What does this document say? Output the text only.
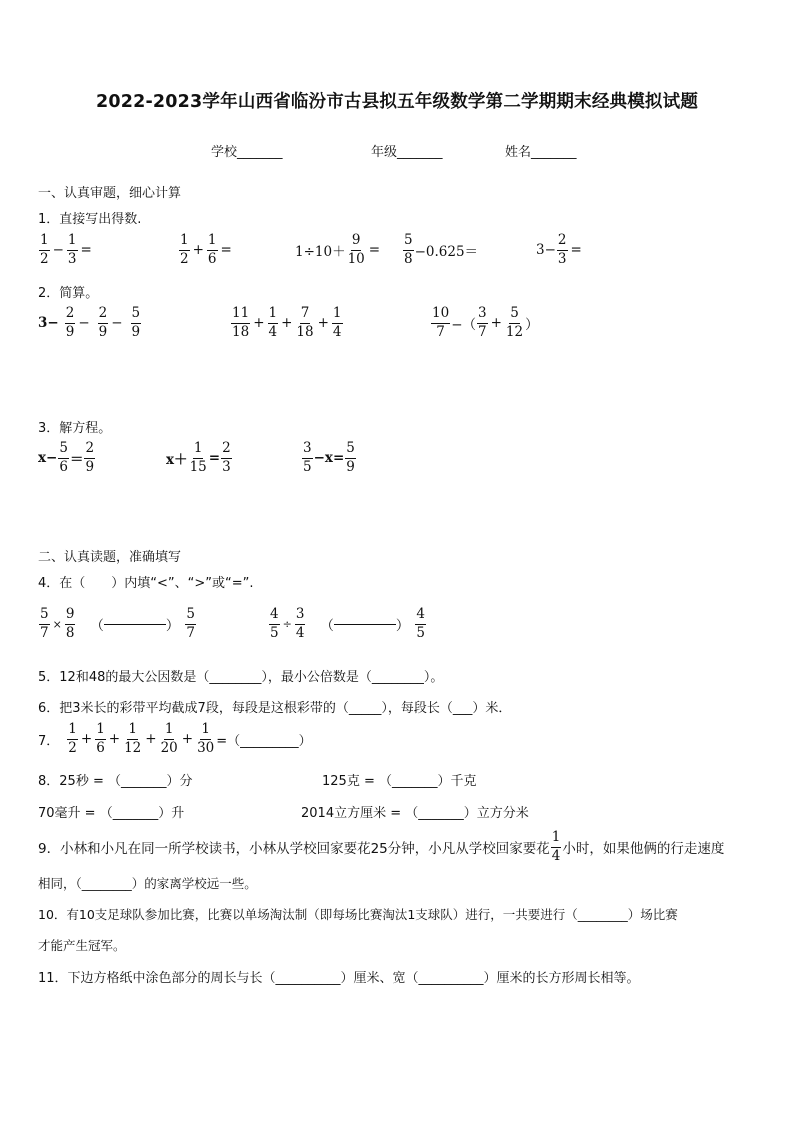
2022-2023学年山西省临汾市古县拟五年级数学第二学期期末经典模拟试题
学校_______	年级_______	姓名_______
一、认真审题，细心计算
1．直接写出得数.
$\frac{1}{2} - \frac{1}{3}$ =	$\frac{1}{2} + \frac{1}{6}$ =	$1\div 10+ \frac{9}{10} = \frac{5}{8} -0.625=$	$3- \frac{2}{3}$ =
2．简算。
$3- \frac{2}{9} - \frac{2}{9} - \frac{5}{9}$	$\frac{11}{18} + \frac{1}{4} + \frac{7}{18} + \frac{1}{4}$	$\frac{10}{7}$ −（ $\frac{3}{7} + \frac{5}{12}$ ）
3．解方程。
$x- \frac{5}{6} = \frac{2}{9}$	$x+ \frac{1}{15} = \frac{2}{3}$	$\frac{3}{5} -x= \frac{5}{9}$
二、认真读题，准确填写
4．在（　　）内填“<”、“>”或“=”.
$\frac{5}{7} \times \frac{9}{8}$ （	） $\frac{5}{7}$	$\frac{4}{5} \div \frac{3}{4}$ （	） $\frac{4}{5}$
5．12和48的最大公因数是（________），最小公倍数是（________）。
6．把3米长的彩带平均截成7段，每段是这根彩带的（_____），每段长（___）米．
7． $\frac{1}{2} + \frac{1}{6} + \frac{1}{12} + \frac{1}{20} + \frac{1}{30}$ =（_________）
8．25秒 = （_______）分	125克 = （_______）千克
70毫升 = （_______）升	2014立方厘米 = （_______）立方分米
9．小林和小凡在同一所学校读书，小林从学校回家要花25分钟，小凡从学校回家要花 $\frac{1}{4}$ 小时，如果他俩的行走速度
相同，（________）的家离学校远一些。
10．有10支足球队参加比赛，比赛以单场淘汰制（即每场比赛淘汰1支球队）进行，一共要进行（________）场比赛
才能产生冠军。
11．下边方格纸中涂色部分的周长与长（__________）厘米、宽（__________）厘米的长方形周长相等。
